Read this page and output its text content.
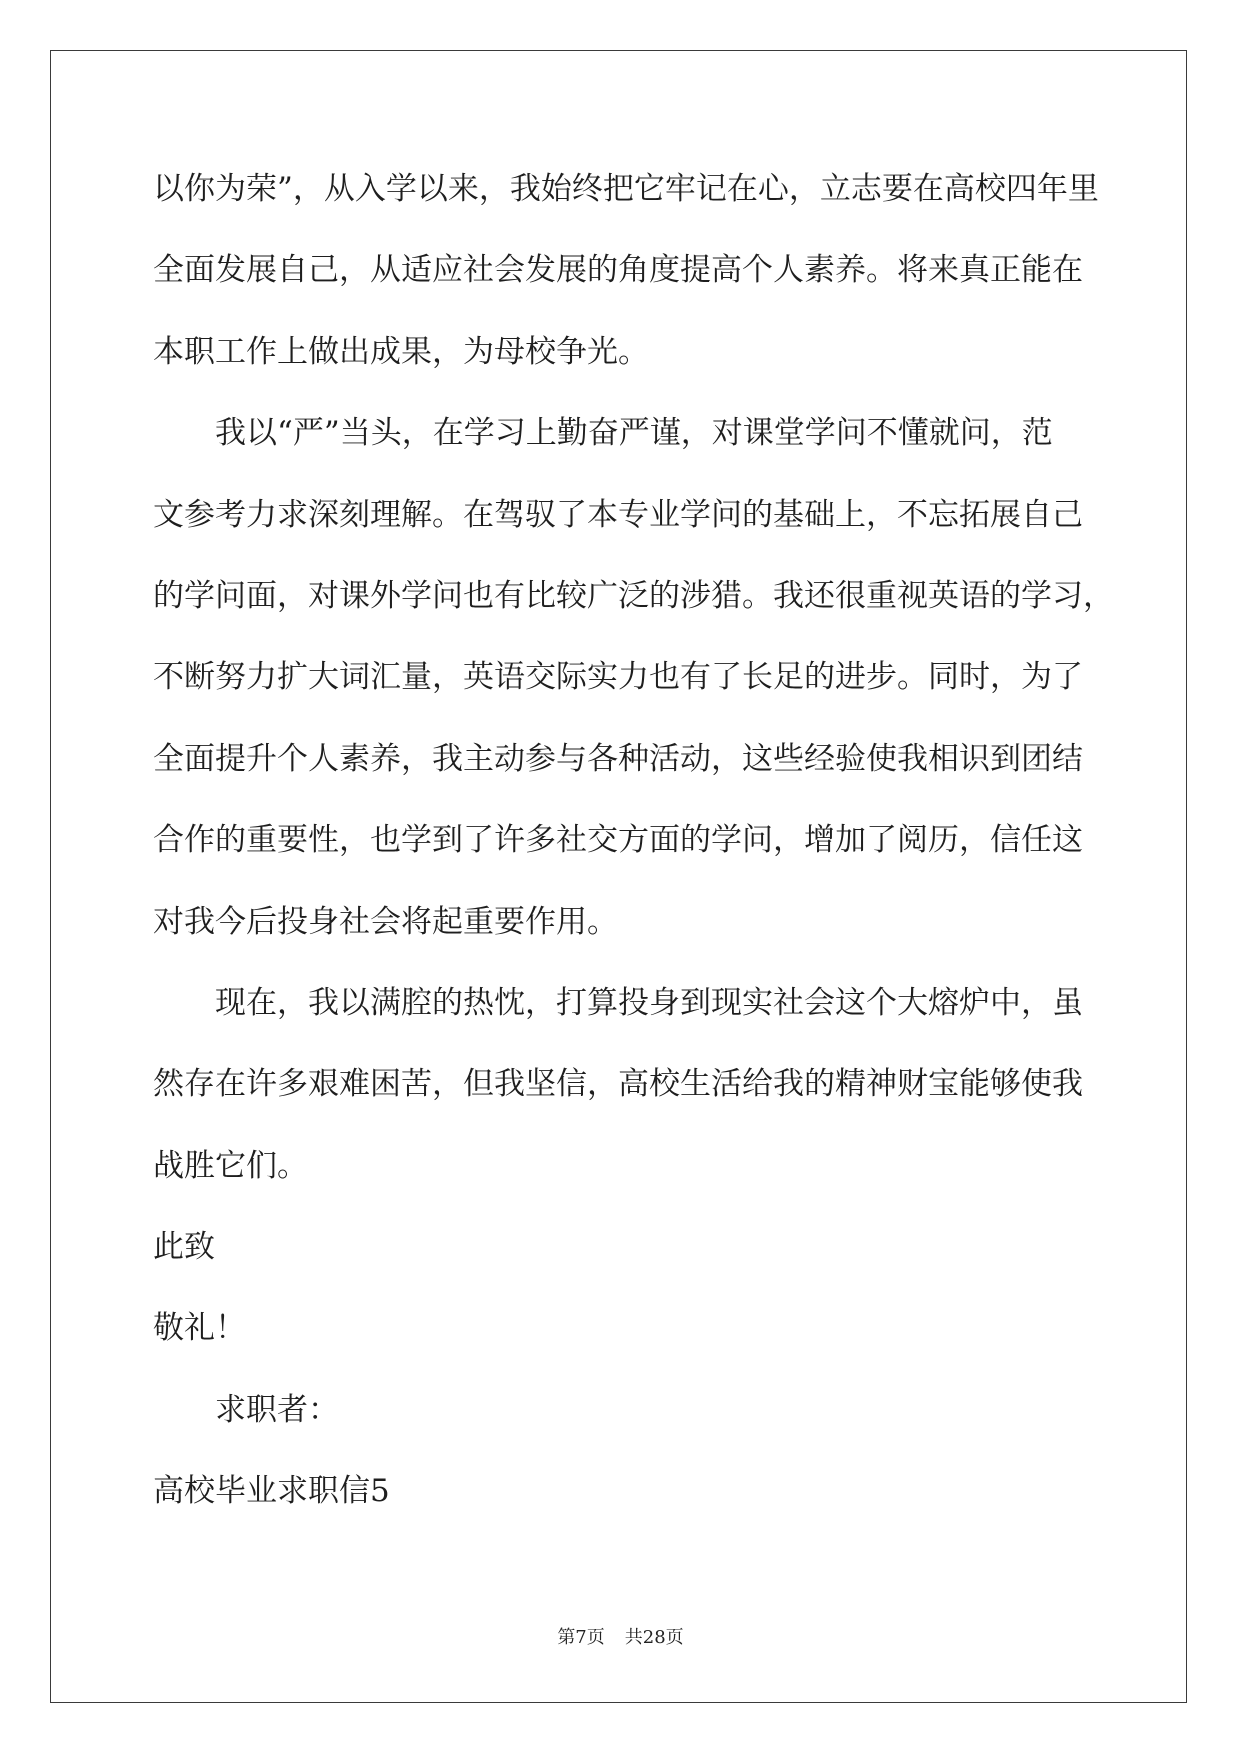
以你为荣”，从入学以来，我始终把它牢记在心，立志要在高校四年里
全面发展自己，从适应社会发展的角度提高个人素养。将来真正能在
本职工作上做出成果，为母校争光。
我以“严”当头，在学习上勤奋严谨，对课堂学问不懂就问，范
文参考力求深刻理解。在驾驭了本专业学问的基础上，不忘拓展自己
的学问面，对课外学问也有比较广泛的涉猎。我还很重视英语的学习，
不断努力扩大词汇量，英语交际实力也有了长足的进步。同时，为了
全面提升个人素养，我主动参与各种活动，这些经验使我相识到团结
合作的重要性，也学到了许多社交方面的学问，增加了阅历，信任这
对我今后投身社会将起重要作用。
现在，我以满腔的热忱，打算投身到现实社会这个大熔炉中，虽
然存在许多艰难困苦，但我坚信，高校生活给我的精神财宝能够使我
战胜它们。
此致
敬礼！
求职者：
高校毕业求职信5
第7页 共28页
